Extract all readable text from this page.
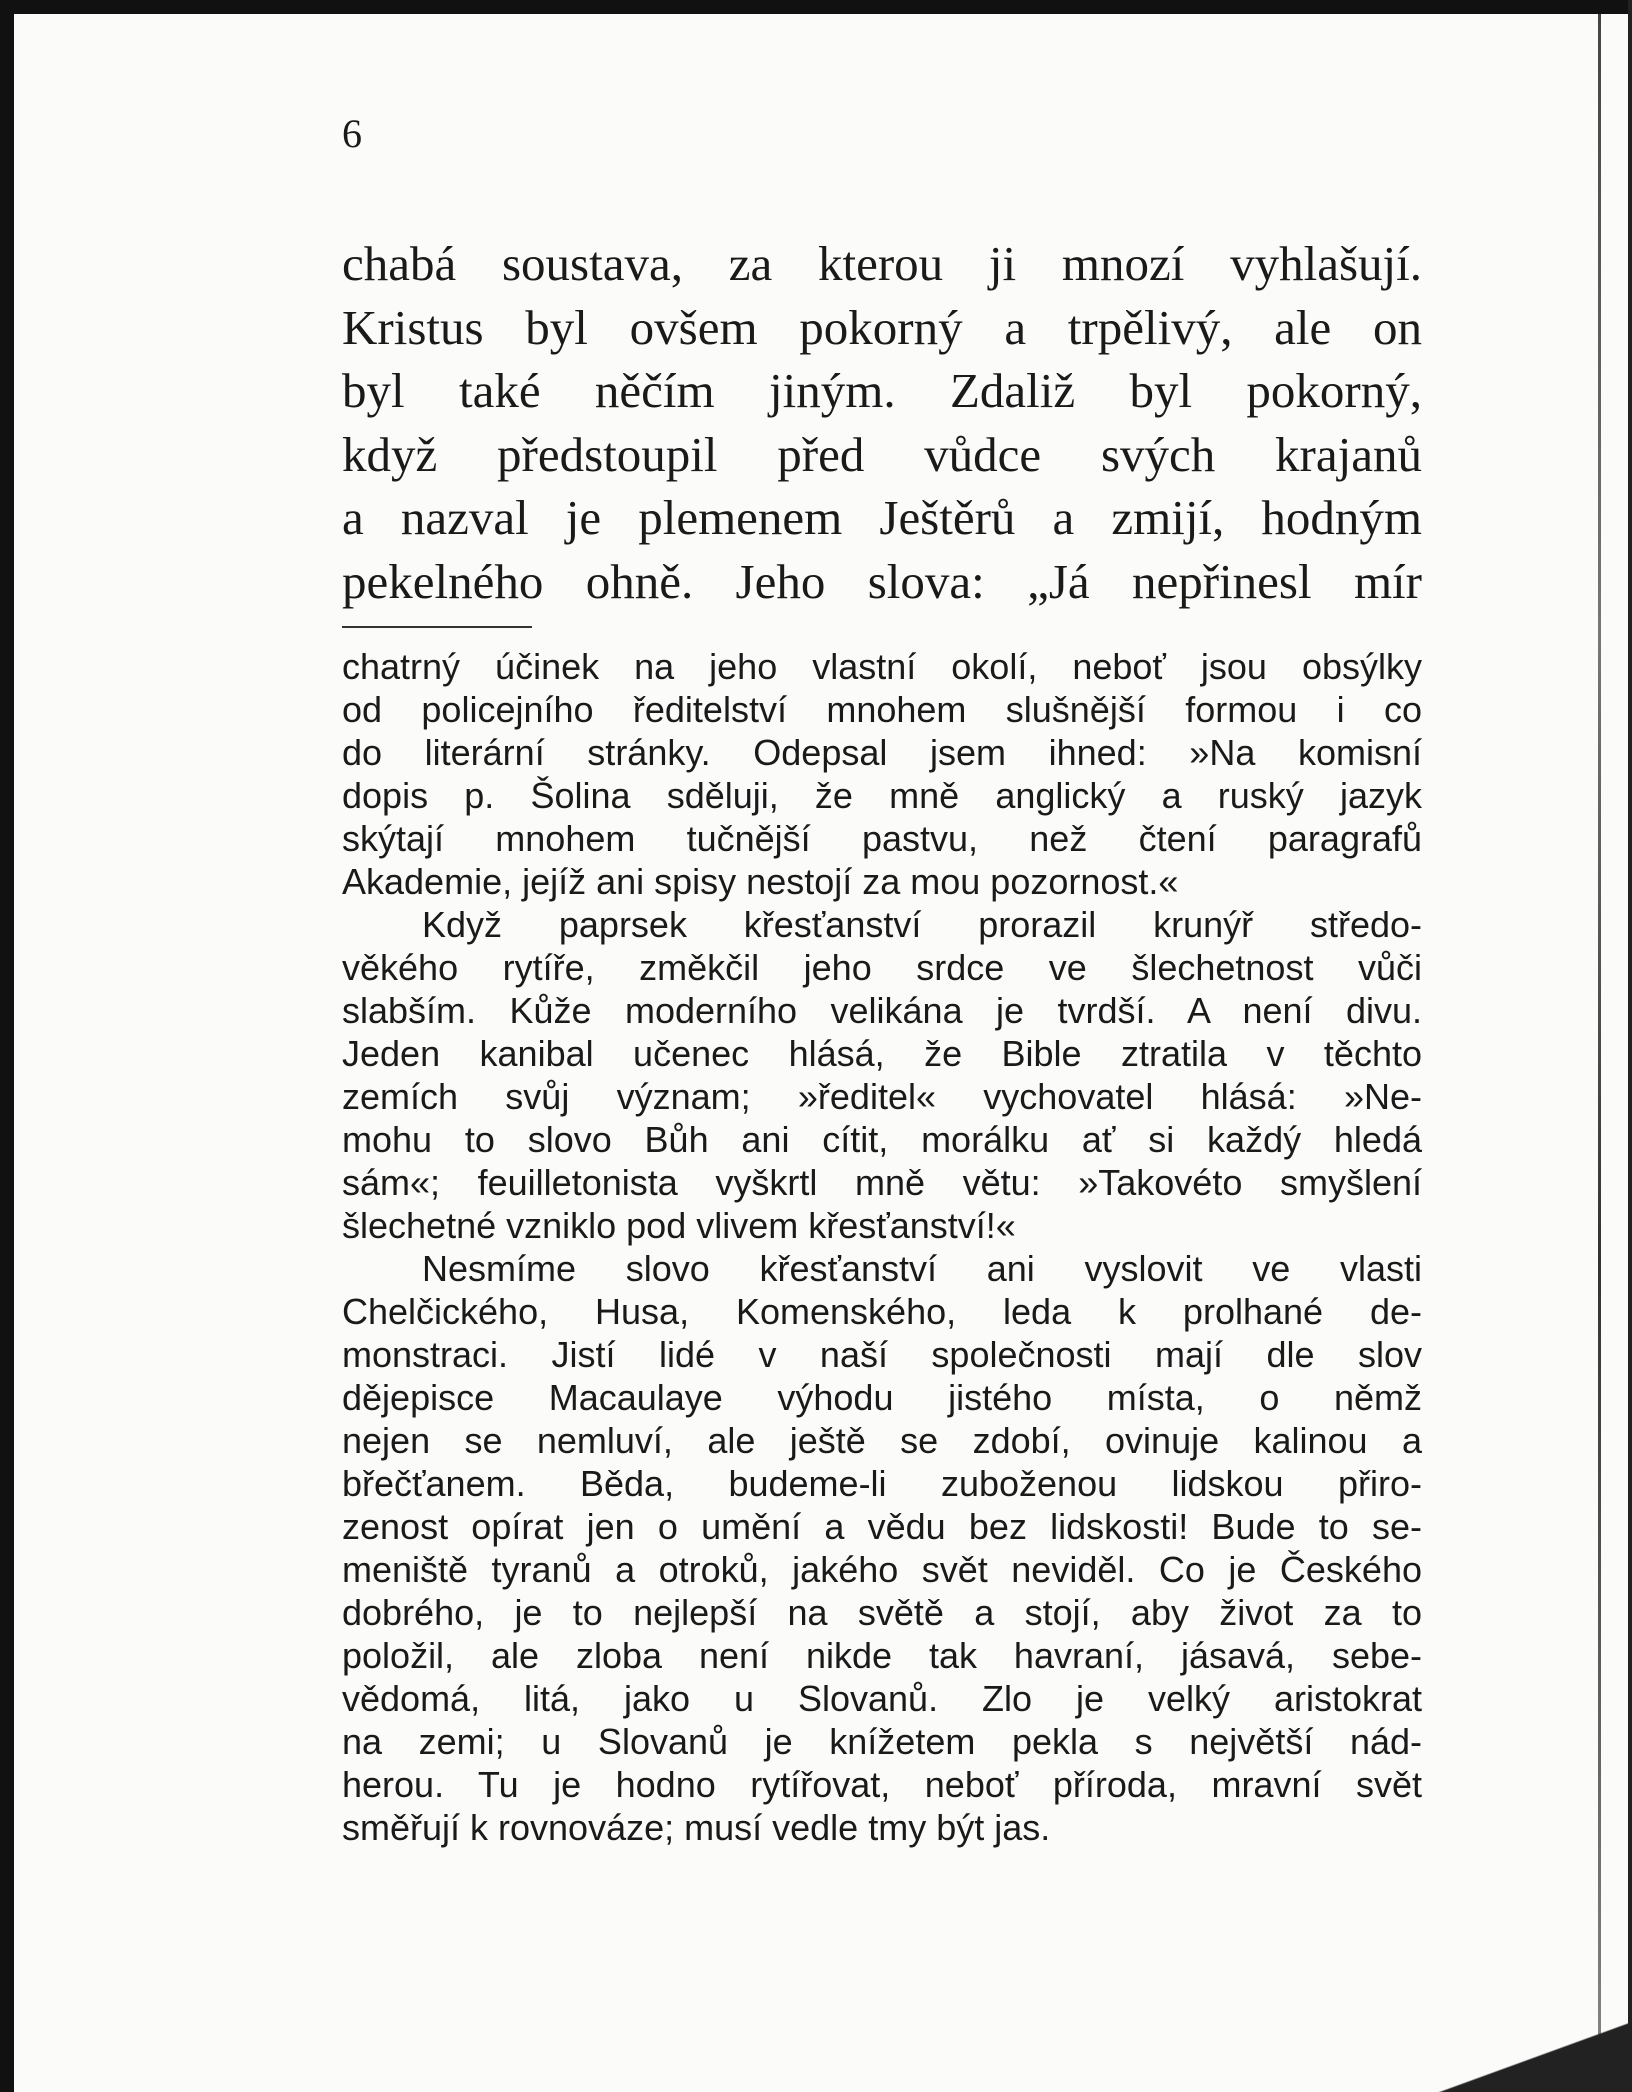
6
chabá soustava, za kterou ji mnozí vyhlašují.
Kristus byl ovšem pokorný a trpělivý, ale on
byl také něčím jiným. Zdaliž byl pokorný,
když předstoupil před vůdce svých krajanů
a nazval je plemenem Ještěrů a zmijí, hodným
pekelného ohně. Jeho slova: „Já nepřinesl mír
chatrný účinek na jeho vlastní okolí, neboť jsou obsýlky
od policejního ředitelství mnohem slušnější formou i co
do literární stránky. Odepsal jsem ihned: »Na komisní
dopis p. Šolina sděluji, že mně anglický a ruský jazyk
skýtají mnohem tučnější pastvu, než čtení paragrafů
Akademie, jejíž ani spisy nestojí za mou pozornost.«
Když paprsek křesťanství prorazil krunýř středo-
věkého rytíře, změkčil jeho srdce ve šlechetnost vůči
slabším. Kůže moderního velikána je tvrdší. A není divu.
Jeden kanibal učenec hlásá, že Bible ztratila v těchto
zemích svůj význam; »ředitel« vychovatel hlásá: »Ne-
mohu to slovo Bůh ani cítit, morálku ať si každý hledá
sám«; feuilletonista vyškrtl mně větu: »Takovéto smyšlení
šlechetné vzniklo pod vlivem křesťanství!«
Nesmíme slovo křesťanství ani vyslovit ve vlasti
Chelčického, Husa, Komenského, leda k prolhané de-
monstraci. Jistí lidé v naší společnosti mají dle slov
dějepisce Macaulaye výhodu jistého místa, o němž
nejen se nemluví, ale ještě se zdobí, ovinuje kalinou a
břečťanem. Běda, budeme-li zuboženou lidskou přiro-
zenost opírat jen o umění a vědu bez lidskosti! Bude to se-
meniště tyranů a otroků, jakého svět neviděl. Co je Českého
dobrého, je to nejlepší na světě a stojí, aby život za to
položil, ale zloba není nikde tak havraní, jásavá, sebe-
vědomá, litá, jako u Slovanů. Zlo je velký aristokrat
na zemi; u Slovanů je knížetem pekla s největší nád-
herou. Tu je hodno rytířovat, neboť příroda, mravní svět
směřují k rovnováze; musí vedle tmy být jas.
